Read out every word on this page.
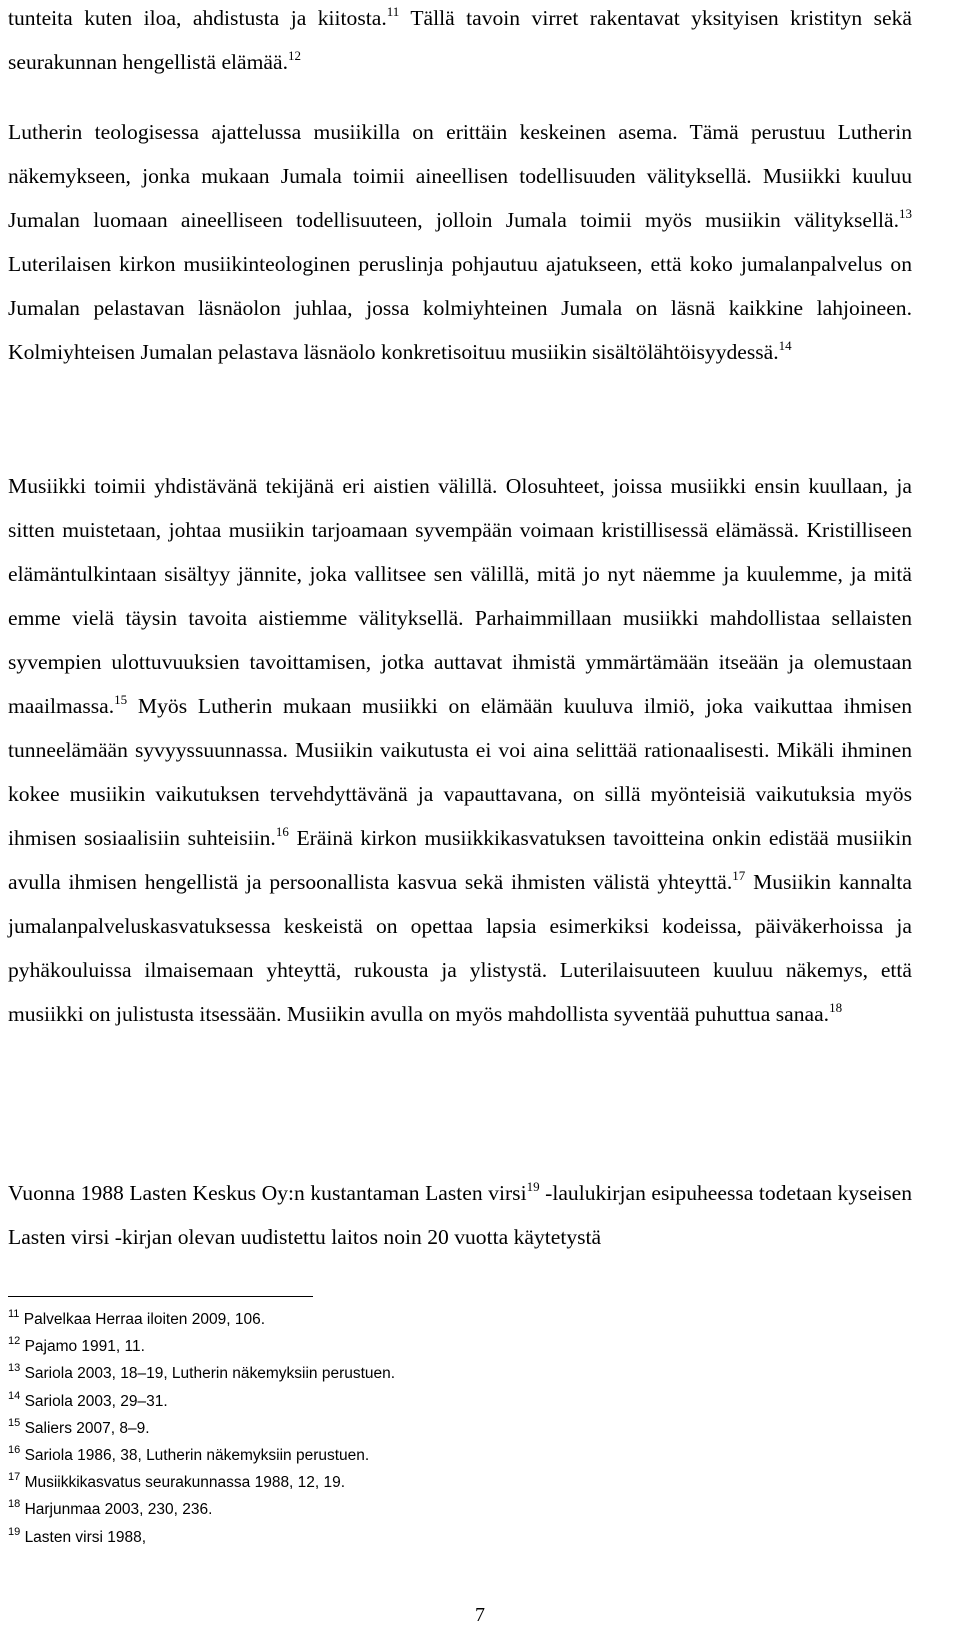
tunteita kuten iloa, ahdistusta ja kiitosta.$^{11}$ Tällä tavoin virret rakentavat yksityisen kristityn sekä seurakunnan hengellistä elämää.$^{12}$
Lutherin teologisessa ajattelussa musiikilla on erittäin keskeinen asema. Tämä perustuu Lutherin näkemykseen, jonka mukaan Jumala toimii aineellisen todellisuuden välityksellä. Musiikki kuuluu Jumalan luomaan aineelliseen todellisuuteen, jolloin Jumala toimii myös musiikin välityksellä.$^{13}$ Luterilaisen kirkon musiikinteologinen peruslinja pohjautuu ajatukseen, että koko jumalanpalvelus on Jumalan pelastavan läsnäolon juhlaa, jossa kolmiyhteinen Jumala on läsnä kaikkine lahjoineen. Kolmiyhteisen Jumalan pelastava läsnäolo konkretisoituu musiikin sisältölähtöisyydessä.$^{14}$
Musiikki toimii yhdistävänä tekijänä eri aistien välillä. Olosuhteet, joissa musiikki ensin kuullaan, ja sitten muistetaan, johtaa musiikin tarjoamaan syvempään voimaan kristillisessä elämässä. Kristilliseen elämäntulkintaan sisältyy jännite, joka vallitsee sen välillä, mitä jo nyt näemme ja kuulemme, ja mitä emme vielä täysin tavoita aistiemme välityksellä. Parhaimmillaan musiikki mahdollistaa sellaisten syvempien ulottuvuuksien tavoittamisen, jotka auttavat ihmistä ymmärtämään itseään ja olemustaan maailmassa.$^{15}$ Myös Lutherin mukaan musiikki on elämään kuuluva ilmiö, joka vaikuttaa ihmisen tunneelämään syvyyssuunnassa. Musiikin vaikutusta ei voi aina selittää rationaalisesti. Mikäli ihminen kokee musiikin vaikutuksen tervehdyttävänä ja vapauttavana, on sillä myönteisiä vaikutuksia myös ihmisen sosiaalisiin suhteisiin.$^{16}$ Eräinä kirkon musiikkikasvatuksen tavoitteina onkin edistää musiikin avulla ihmisen hengellistä ja persoonallista kasvua sekä ihmisten välistä yhteyttä.$^{17}$ Musiikin kannalta jumalanpalveluskasvatuksessa keskeistä on opettaa lapsia esimerkiksi kodeissa, päiväkerhoissa ja pyhäkouluissa ilmaisemaan yhteyttä, rukousta ja ylistystä. Luterilaisuuteen kuuluu näkemys, että musiikki on julistusta itsessään. Musiikin avulla on myös mahdollista syventää puhuttua sanaa.$^{18}$
Vuonna 1988 Lasten Keskus Oy:n kustantaman Lasten virsi$^{19}$ -laulukirjan esipuheessa todetaan kyseisen Lasten virsi -kirjan olevan uudistettu laitos noin 20 vuotta käytetystä
$^{11}$ Palvelkaa Herraa iloiten 2009, 106.
$^{12}$ Pajamo 1991, 11.
$^{13}$ Sariola 2003, 18–19, Lutherin näkemyksiin perustuen.
$^{14}$ Sariola 2003, 29–31.
$^{15}$ Saliers 2007, 8–9.
$^{16}$ Sariola 1986, 38, Lutherin näkemyksiin perustuen.
$^{17}$ Musiikkikasvatus seurakunnassa 1988, 12, 19.
$^{18}$ Harjunmaa 2003, 230, 236.
$^{19}$ Lasten virsi 1988,
7
